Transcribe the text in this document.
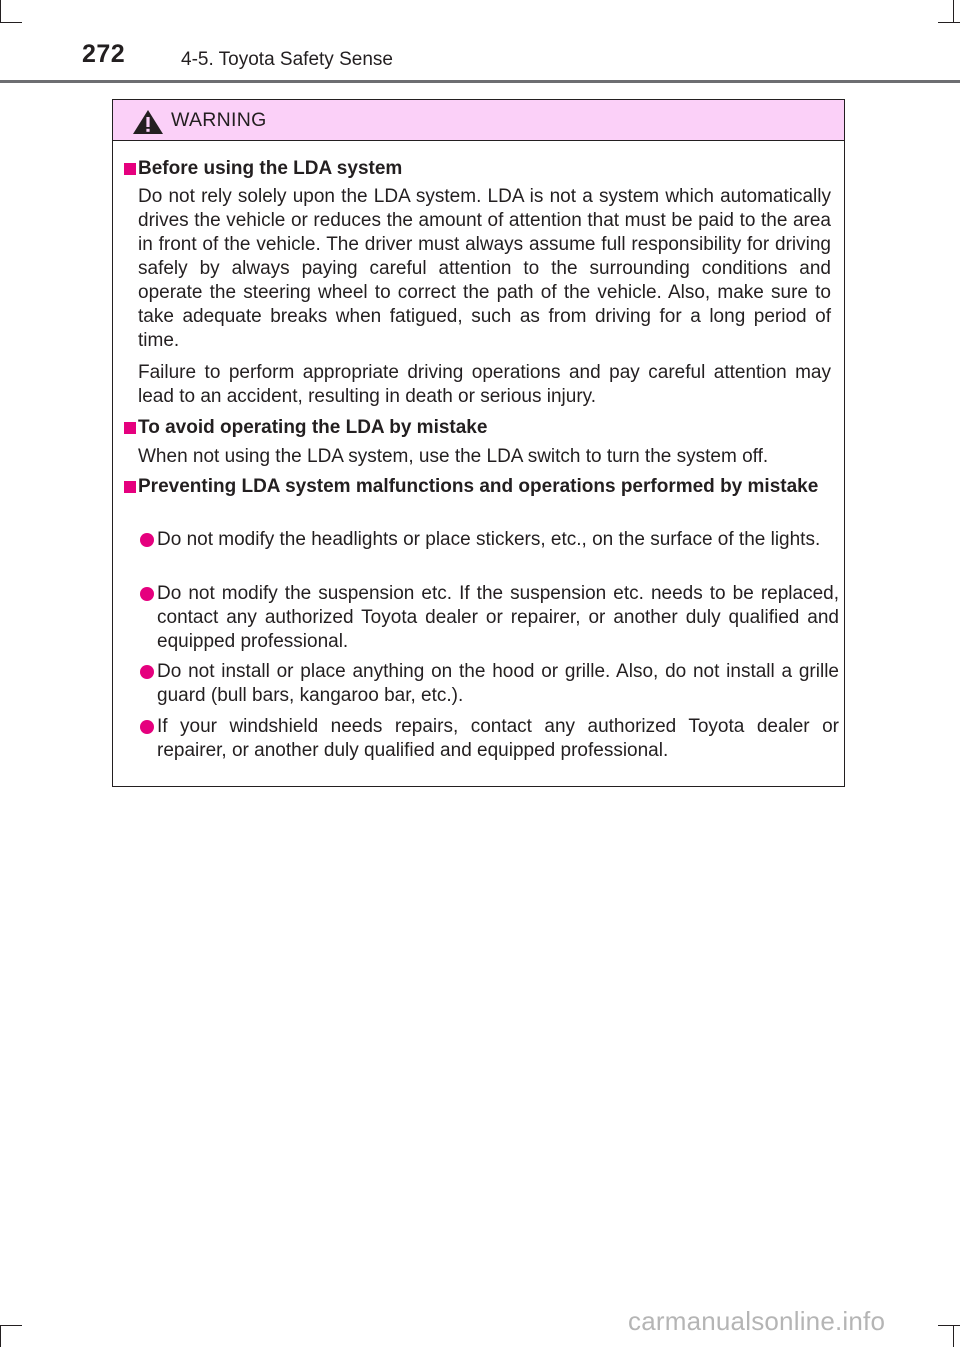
272	4-5. Toyota Safety Sense
WARNING
Before using the LDA system
Do not rely solely upon the LDA system. LDA is not a system which automatically drives the vehicle or reduces the amount of attention that must be paid to the area in front of the vehicle. The driver must always assume full responsibility for driving safely by always paying careful attention to the surrounding conditions and operate the steering wheel to correct the path of the vehicle. Also, make sure to take adequate breaks when fatigued, such as from driving for a long period of time.
Failure to perform appropriate driving operations and pay careful attention may lead to an accident, resulting in death or serious injury.
To avoid operating the LDA by mistake
When not using the LDA system, use the LDA switch to turn the system off.
Preventing LDA system malfunctions and operations performed by mistake
Do not modify the headlights or place stickers, etc., on the surface of the lights.
Do not modify the suspension etc. If the suspension etc. needs to be replaced, contact any authorized Toyota dealer or repairer, or another duly qualified and equipped professional.
Do not install or place anything on the hood or grille. Also, do not install a grille guard (bull bars, kangaroo bar, etc.).
If your windshield needs repairs, contact any authorized Toyota dealer or repairer, or another duly qualified and equipped professional.
carmanualsonline.info
